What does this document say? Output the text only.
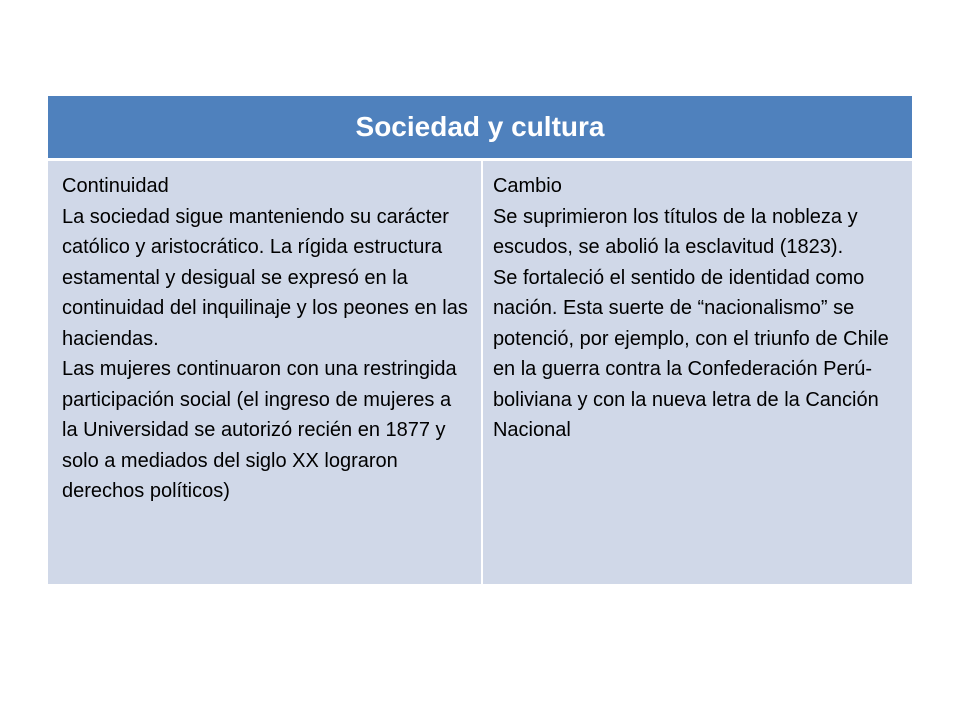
Sociedad y cultura

Continuidad
La sociedad sigue manteniendo su carácter católico y aristocrático. La rígida estructura estamental y desigual se expresó en la continuidad del inquilinaje y los peones en las haciendas.
Las mujeres continuaron con una restringida participación social (el ingreso de mujeres a la Universidad se autorizó recién en 1877 y solo a mediados del siglo XX lograron derechos políticos)

Cambio
Se suprimieron los títulos de la nobleza y escudos, se abolió la esclavitud (1823).
Se fortaleció el sentido de identidad como nación. Esta suerte de “nacionalismo” se potenció, por ejemplo, con el triunfo de Chile en la guerra contra la Confederación Perú-boliviana y con la nueva letra de la Canción Nacional
